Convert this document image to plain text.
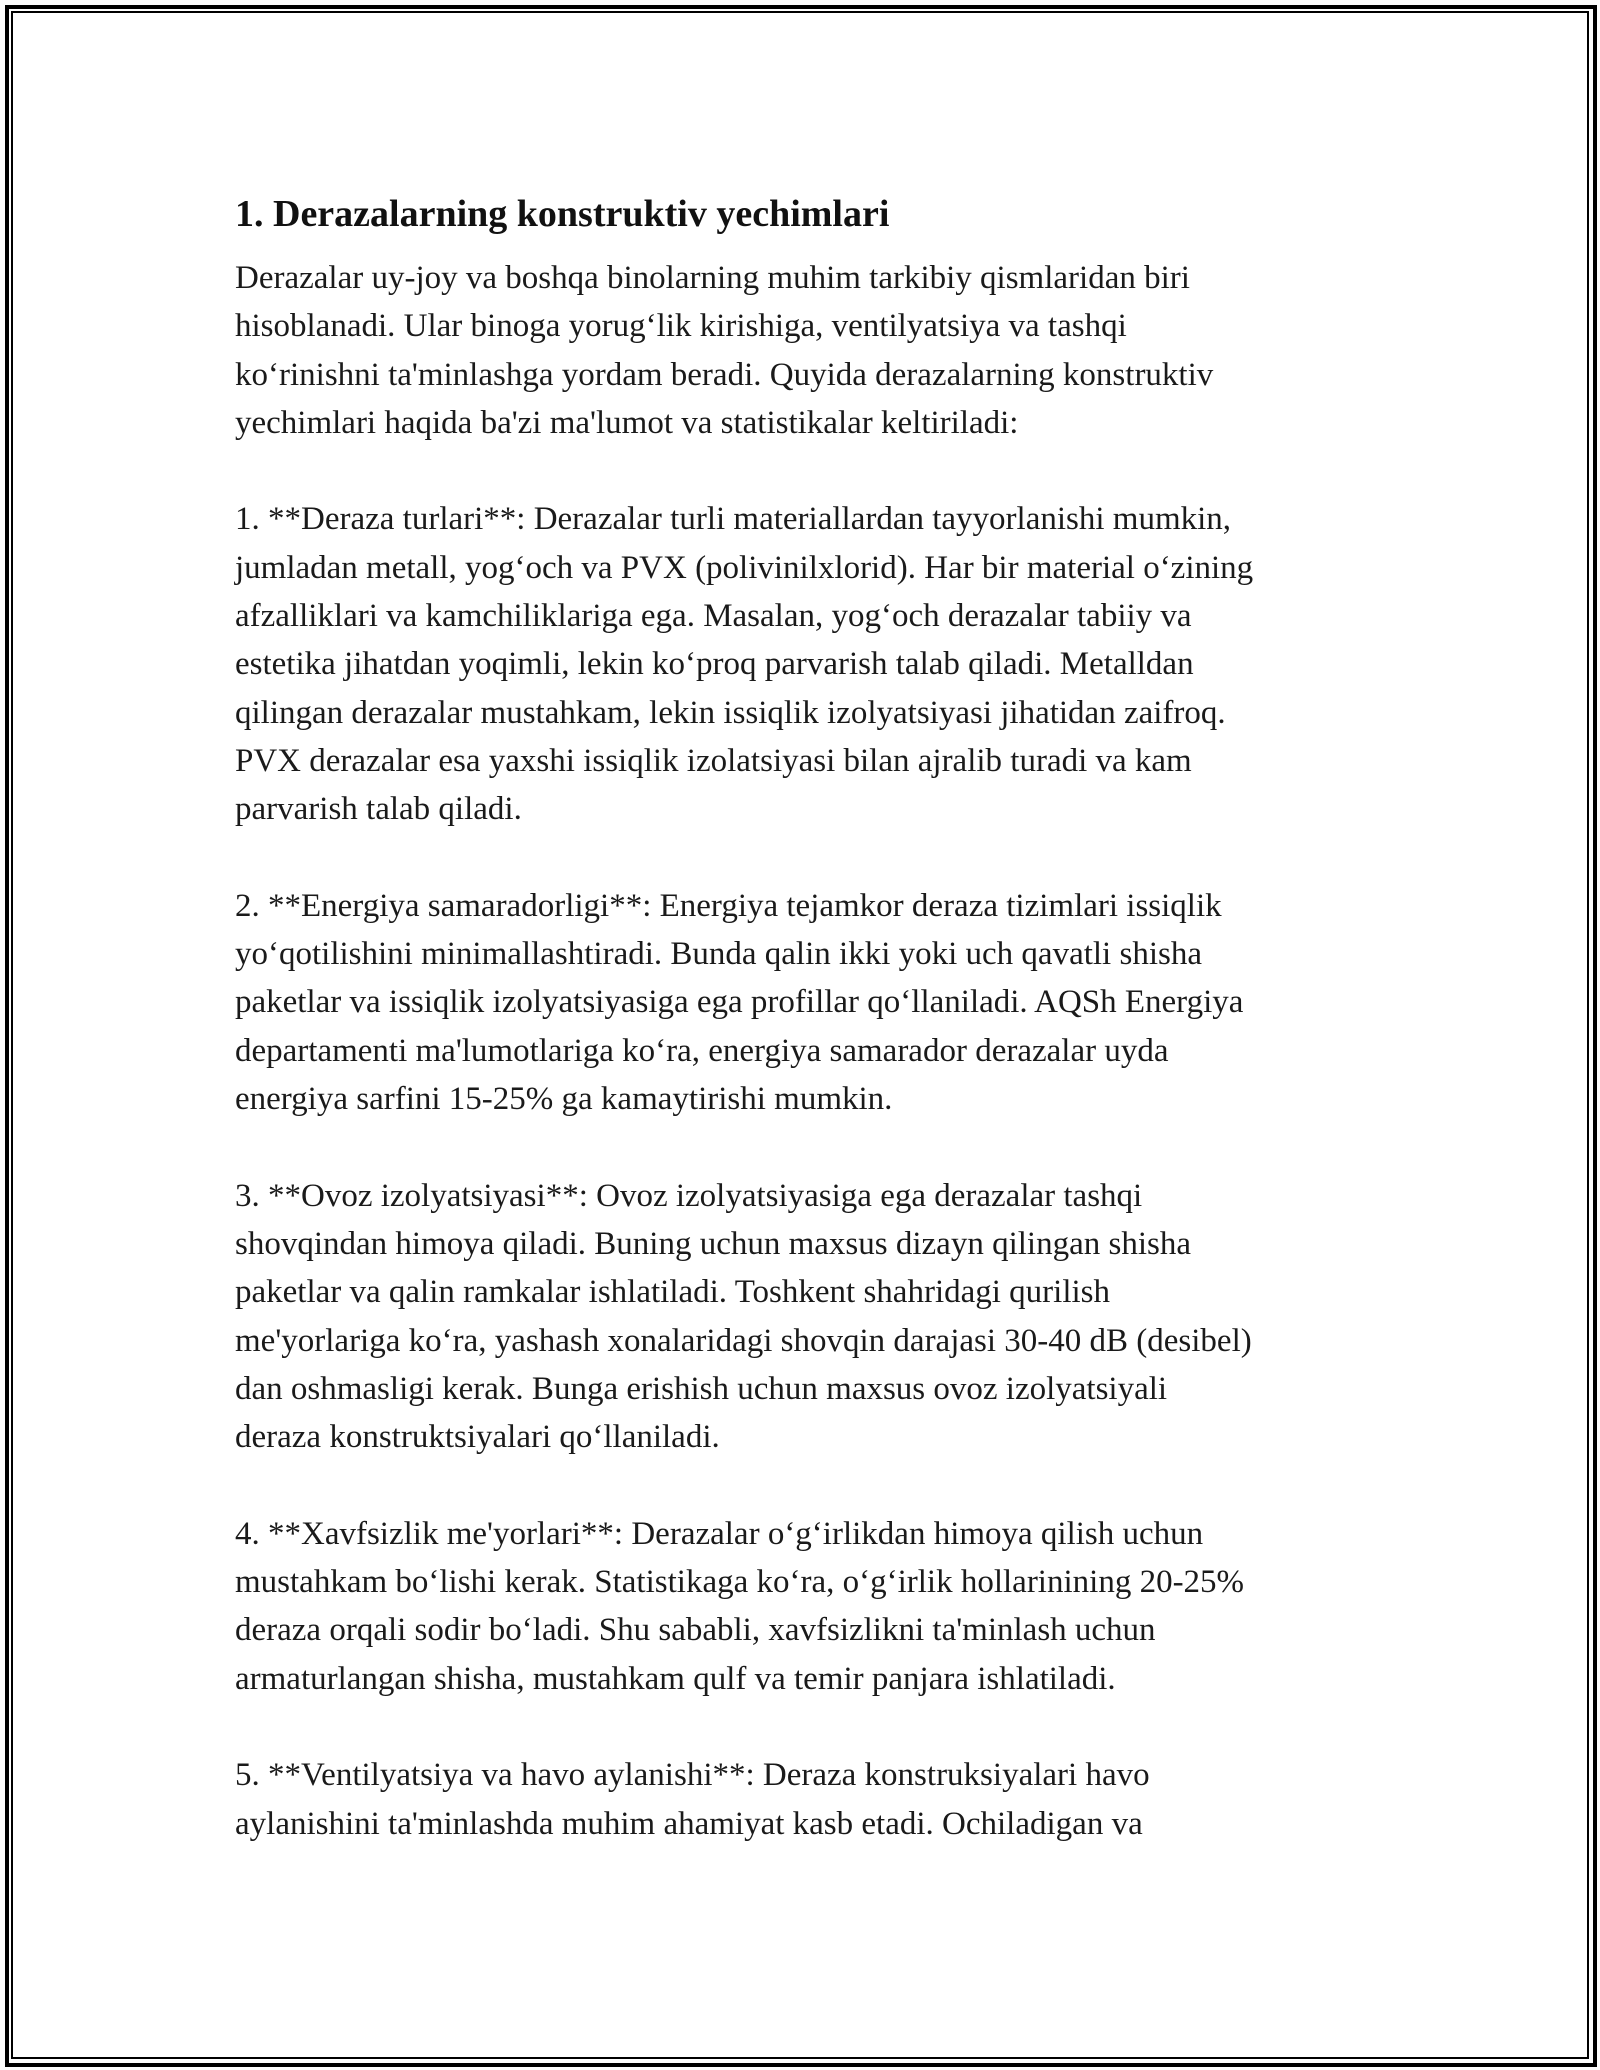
1. Derazalarning konstruktiv yechimlari

Derazalar uy-joy va boshqa binolarning muhim tarkibiy qismlaridan biri
hisoblanadi. Ular binoga yorug‘lik kirishiga, ventilyatsiya va tashqi
ko‘rinishni ta'minlashga yordam beradi. Quyida derazalarning konstruktiv
yechimlari haqida ba'zi ma'lumot va statistikalar keltiriladi:

1. **Deraza turlari**: Derazalar turli materiallardan tayyorlanishi mumkin,
jumladan metall, yog‘och va PVX (polivinilxlorid). Har bir material o‘zining
afzalliklari va kamchiliklariga ega. Masalan, yog‘och derazalar tabiiy va
estetika jihatdan yoqimli, lekin ko‘proq parvarish talab qiladi. Metalldan
qilingan derazalar mustahkam, lekin issiqlik izolyatsiyasi jihatidan zaifroq.
PVX derazalar esa yaxshi issiqlik izolatsiyasi bilan ajralib turadi va kam
parvarish talab qiladi.

2. **Energiya samaradorligi**: Energiya tejamkor deraza tizimlari issiqlik
yo‘qotilishini minimallashtiradi. Bunda qalin ikki yoki uch qavatli shisha
paketlar va issiqlik izolyatsiyasiga ega profillar qo‘llaniladi. AQSh Energiya
departamenti ma'lumotlariga ko‘ra, energiya samarador derazalar uyda
energiya sarfini 15-25% ga kamaytirishi mumkin.

3. **Ovoz izolyatsiyasi**: Ovoz izolyatsiyasiga ega derazalar tashqi
shovqindan himoya qiladi. Buning uchun maxsus dizayn qilingan shisha
paketlar va qalin ramkalar ishlatiladi. Toshkent shahridagi qurilish
me'yorlariga ko‘ra, yashash xonalaridagi shovqin darajasi 30-40 dB (desibel)
dan oshmasligi kerak. Bunga erishish uchun maxsus ovoz izolyatsiyali
deraza konstruktsiyalari qo‘llaniladi.

4. **Xavfsizlik me'yorlari**: Derazalar o‘g‘irlikdan himoya qilish uchun
mustahkam bo‘lishi kerak. Statistikaga ko‘ra, o‘g‘irlik hollarinining 20-25%
deraza orqali sodir bo‘ladi. Shu sababli, xavfsizlikni ta'minlash uchun
armaturlangan shisha, mustahkam qulf va temir panjara ishlatiladi.

5. **Ventilyatsiya va havo aylanishi**: Deraza konstruksiyalari havo
aylanishini ta'minlashda muhim ahamiyat kasb etadi. Ochiladigan va
